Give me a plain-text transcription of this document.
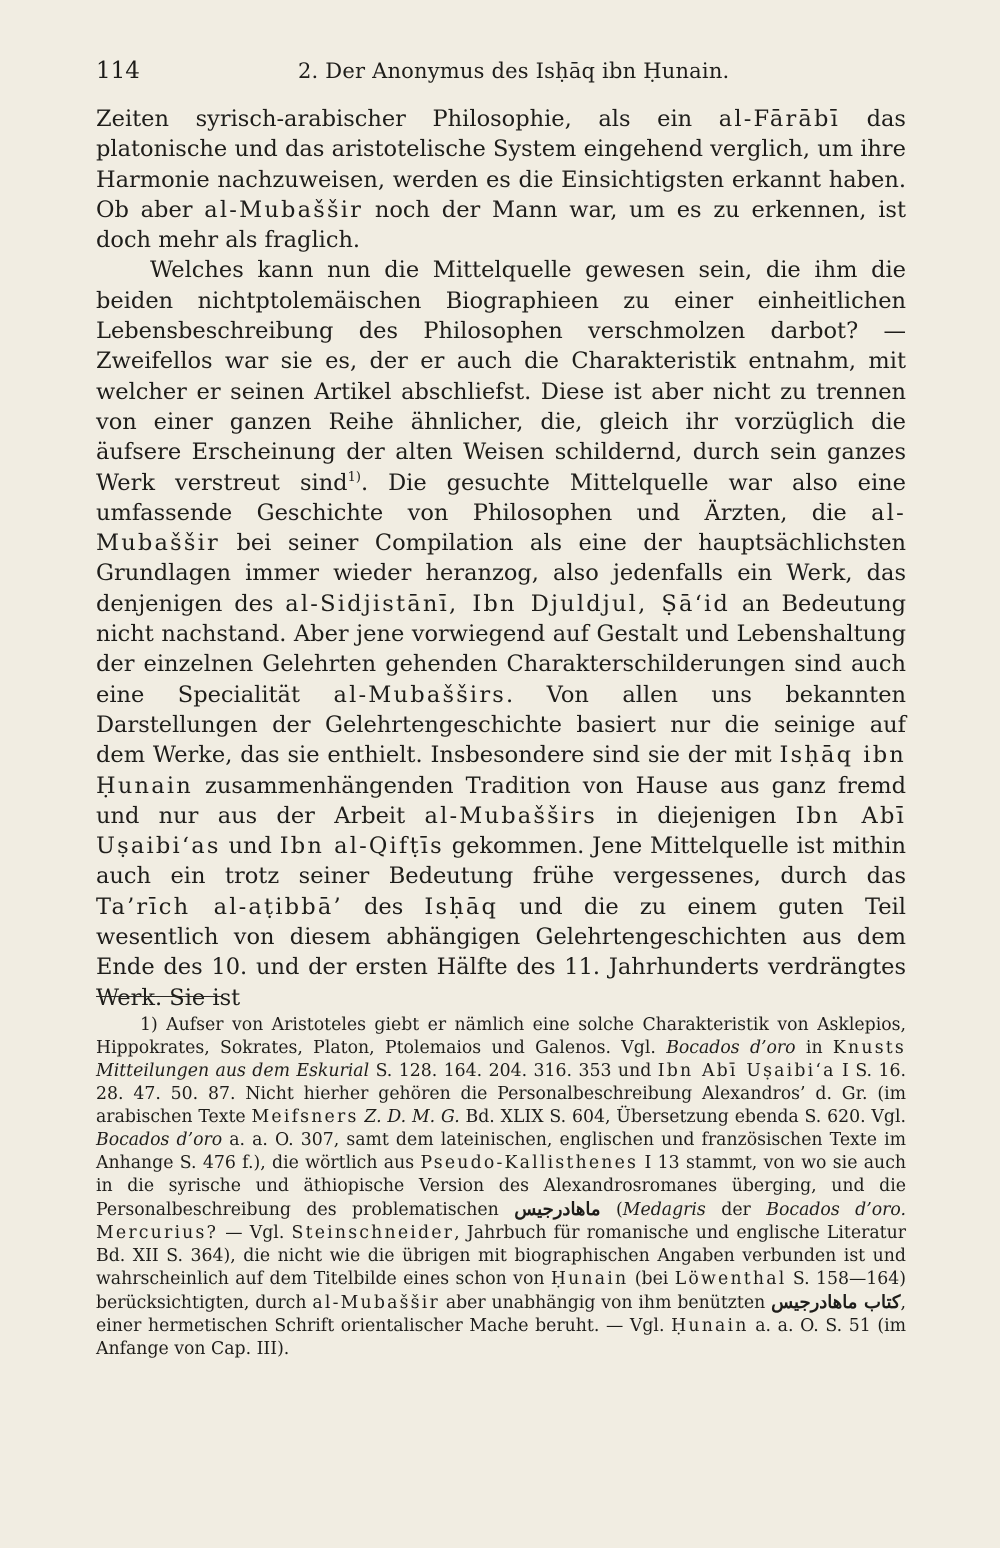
114	2. Der Anonymus des Isḥāq ibn Ḥunain.

Zeiten syrisch-arabischer Philosophie, als ein al-Fārābī das platonische und das aristotelische System eingehend verglich, um ihre Harmonie nachzuweisen, werden es die Einsichtigsten erkannt haben. Ob aber al-Mubaššir noch der Mann war, um es zu erkennen, ist doch mehr als fraglich.

Welches kann nun die Mittelquelle gewesen sein, die ihm die beiden nichtptolemäischen Biographieen zu einer einheitlichen Lebensbeschreibung des Philosophen verschmolzen darbot? — Zweifellos war sie es, der er auch die Charakteristik entnahm, mit welcher er seinen Artikel abschliefst. Diese ist aber nicht zu trennen von einer ganzen Reihe ähnlicher, die, gleich ihr vorzüglich die äufsere Erscheinung der alten Weisen schildernd, durch sein ganzes Werk verstreut sind$^{1)}$. Die gesuchte Mittelquelle war also eine umfassende Geschichte von Philosophen und Ärzten, die al-Mubaššir bei seiner Compilation als eine der hauptsächlichsten Grundlagen immer wieder heranzog, also jedenfalls ein Werk, das denjenigen des al-Sidjistānī, Ibn Djuldjul, Ṣā‘id an Bedeutung nicht nachstand. Aber jene vorwiegend auf Gestalt und Lebenshaltung der einzelnen Gelehrten gehenden Charakterschilderungen sind auch eine Specialität al-Mubašširs. Von allen uns bekannten Darstellungen der Gelehrtengeschichte basiert nur die seinige auf dem Werke, das sie enthielt. Insbesondere sind sie der mit Isḥāq ibn Ḥunain zusammenhängenden Tradition von Hause aus ganz fremd und nur aus der Arbeit al-Mubašširs in diejenigen Ibn Abī Uṣaibi‘as und Ibn al-Qifṭīs gekommen. Jene Mittelquelle ist mithin auch ein trotz seiner Bedeutung frühe vergessenes, durch das Ta’rīch al-aṭibbā’ des Isḥāq und die zu einem guten Teil wesentlich von diesem abhängigen Gelehrtengeschichten aus dem Ende des 10. und der ersten Hälfte des 11. Jahrhunderts verdrängtes Werk. Sie ist

1) Aufser von Aristoteles giebt er nämlich eine solche Charakteristik von Asklepios, Hippokrates, Sokrates, Platon, Ptolemaios und Galenos. Vgl. Bocados d’oro in Knusts Mitteilungen aus dem Eskurial S. 128. 164. 204. 316. 353 und Ibn Abī Uṣaibi‘a I S. 16. 28. 47. 50. 87. Nicht hierher gehören die Personalbeschreibung Alexandros’ d. Gr. (im arabischen Texte Meifsners Z. D. M. G. Bd. XLIX S. 604, Übersetzung ebenda S. 620. Vgl. Bocados d’oro a. a. O. 307, samt dem lateinischen, englischen und französischen Texte im Anhange S. 476 f.), die wörtlich aus Pseudo-Kallisthenes I 13 stammt, von wo sie auch in die syrische und äthiopische Version des Alexandrosromanes überging, und die Personalbeschreibung des problematischen ماهادرجيس (Medagris der Bocados d’oro. Mercurius? — Vgl. Steinschneider, Jahrbuch für romanische und englische Literatur Bd. XII S. 364), die nicht wie die übrigen mit biographischen Angaben verbunden ist und wahrscheinlich auf dem Titelbilde eines schon von Ḥunain (bei Löwenthal S. 158—164) berücksichtigten, durch al-Mubaššir aber unabhängig von ihm benützten كتاب ماهادرجيس, einer hermetischen Schrift orientalischer Mache beruht. — Vgl. Ḥunain a. a. O. S. 51 (im Anfange von Cap. III).
